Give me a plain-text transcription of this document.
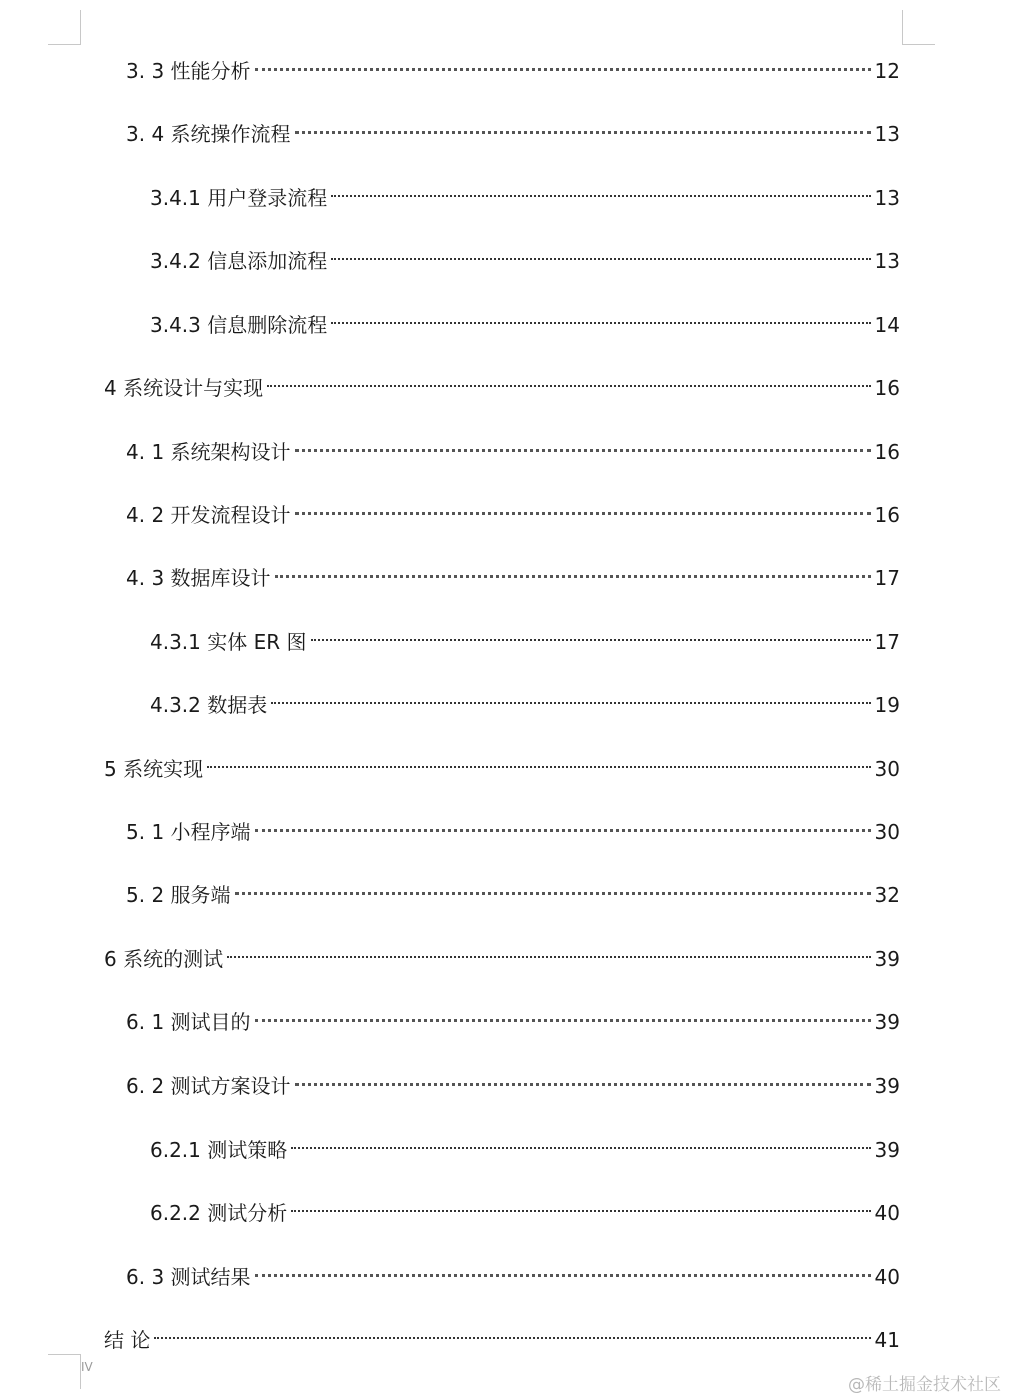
3. 3 性能分析	12
3. 4 系统操作流程	13
3.4.1 用户登录流程	13
3.4.2 信息添加流程	13
3.4.3 信息删除流程	14
4 系统设计与实现	16
4. 1 系统架构设计	16
4. 2 开发流程设计	16
4. 3 数据库设计	17
4.3.1 实体 ER 图	17
4.3.2 数据表	19
5 系统实现	30
5. 1 小程序端	30
5. 2 服务端	32
6 系统的测试	39
6. 1 测试目的	39
6. 2 测试方案设计	39
6.2.1 测试策略	39
6.2.2 测试分析	40
6. 3 测试结果	40
结 论	41
IV
@稀土掘金技术社区
